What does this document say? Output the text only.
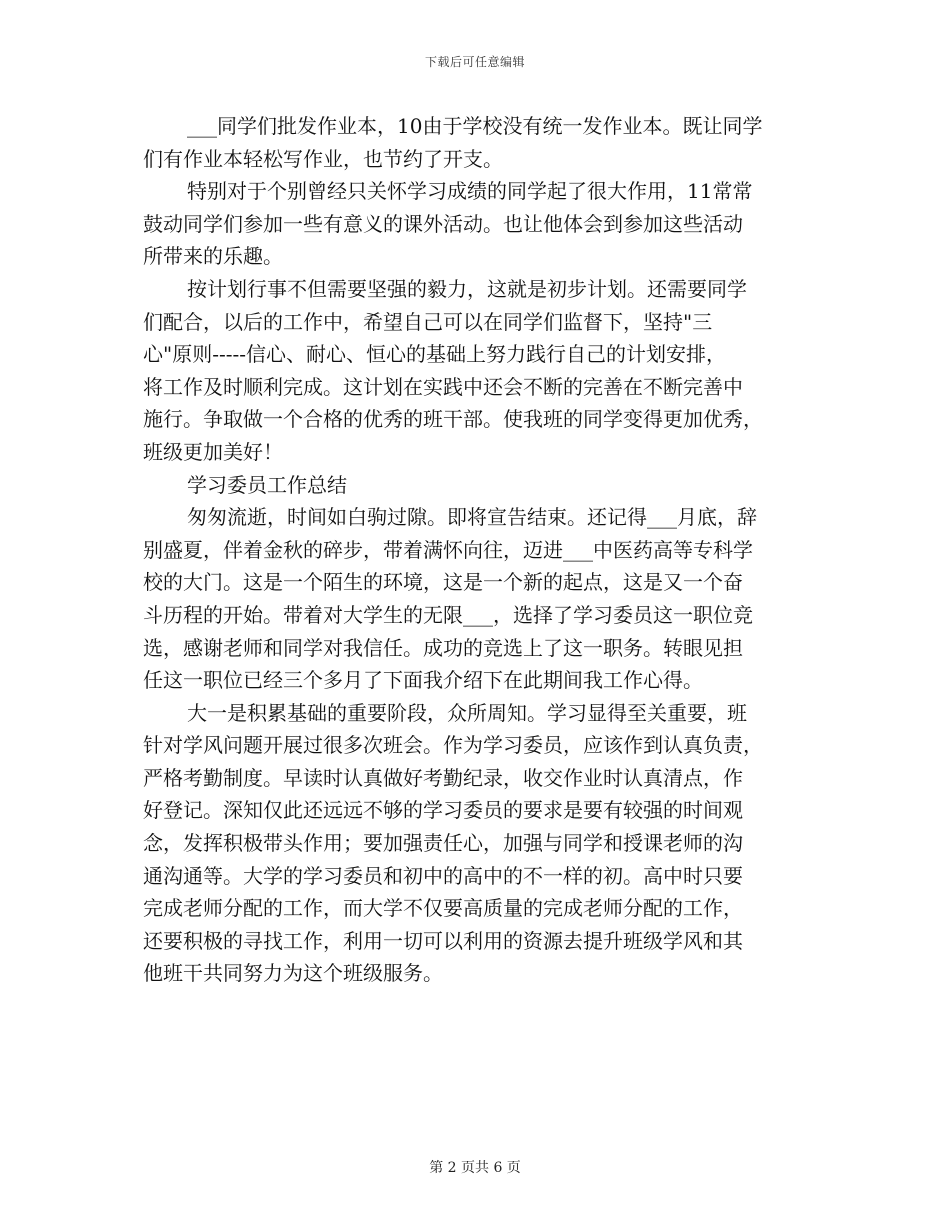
下载后可任意编辑
___同学们批发作业本，10由于学校没有统一发作业本。既让同学
们有作业本轻松写作业，也节约了开支。
特别对于个别曾经只关怀学习成绩的同学起了很大作用，11常常
鼓动同学们参加一些有意义的课外活动。也让他体会到参加这些活动
所带来的乐趣。
按计划行事不但需要坚强的毅力，这就是初步计划。还需要同学
们配合，以后的工作中，希望自己可以在同学们监督下，坚持"三
心"原则-----信心、耐心、恒心的基础上努力践行自己的计划安排，
将工作及时顺利完成。这计划在实践中还会不断的完善在不断完善中
施行。争取做一个合格的优秀的班干部。使我班的同学变得更加优秀，
班级更加美好！
学习委员工作总结
匆匆流逝，时间如白驹过隙。即将宣告结束。还记得___月底，辞
别盛夏，伴着金秋的碎步，带着满怀向往，迈进___中医药高等专科学
校的大门。这是一个陌生的环境，这是一个新的起点，这是又一个奋
斗历程的开始。带着对大学生的无限___，选择了学习委员这一职位竞
选，感谢老师和同学对我信任。成功的竞选上了这一职务。转眼见担
任这一职位已经三个多月了下面我介绍下在此期间我工作心得。
大一是积累基础的重要阶段，众所周知。学习显得至关重要，班
针对学风问题开展过很多次班会。作为学习委员，应该作到认真负责，
严格考勤制度。早读时认真做好考勤纪录，收交作业时认真清点，作
好登记。深知仅此还远远不够的学习委员的要求是要有较强的时间观
念，发挥积极带头作用；要加强责任心，加强与同学和授课老师的沟
通沟通等。大学的学习委员和初中的高中的不一样的初。高中时只要
完成老师分配的工作，而大学不仅要高质量的完成老师分配的工作，
还要积极的寻找工作，利用一切可以利用的资源去提升班级学风和其
他班干共同努力为这个班级服务。
第 2 页共 6 页
